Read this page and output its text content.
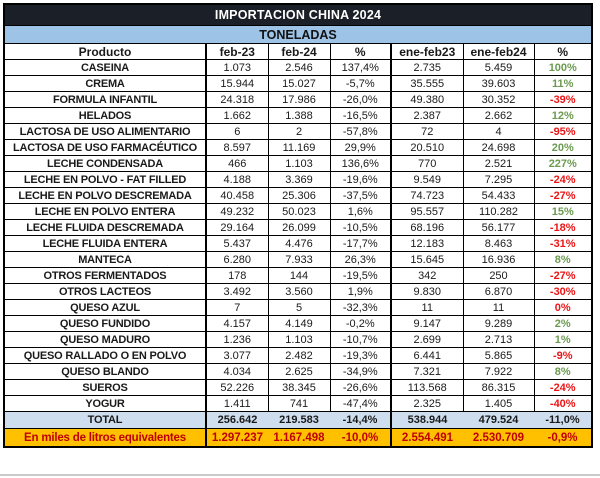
IMPORTACION CHINA 2024						
TONELADAS						
Producto	feb-23	feb-24	%	ene-feb23	ene-feb24	%
CASEINA	1.073	2.546	137,4%	2.735	5.459	100%
CREMA	15.944	15.027	-5,7%	35.555	39.603	11%
FORMULA INFANTIL	24.318	17.986	-26,0%	49.380	30.352	-39%
HELADOS	1.662	1.388	-16,5%	2.387	2.662	12%
LACTOSA DE USO ALIMENTARIO	6	2	-57,8%	72	4	-95%
LACTOSA DE USO FARMACÉUTICO	8.597	11.169	29,9%	20.510	24.698	20%
LECHE CONDENSADA	466	1.103	136,6%	770	2.521	227%
LECHE EN POLVO - FAT FILLED	4.188	3.369	-19,6%	9.549	7.295	-24%
LECHE EN POLVO DESCREMADA	40.458	25.306	-37,5%	74.723	54.433	-27%
LECHE EN POLVO ENTERA	49.232	50.023	1,6%	95.557	110.282	15%
LECHE FLUIDA DESCREMADA	29.164	26.099	-10,5%	68.196	56.177	-18%
LECHE FLUIDA ENTERA	5.437	4.476	-17,7%	12.183	8.463	-31%
MANTECA	6.280	7.933	26,3%	15.645	16.936	8%
OTROS FERMENTADOS	178	144	-19,5%	342	250	-27%
OTROS LACTEOS	3.492	3.560	1,9%	9.830	6.870	-30%
QUESO AZUL	7	5	-32,3%	11	11	0%
QUESO FUNDIDO	4.157	4.149	-0,2%	9.147	9.289	2%
QUESO MADURO	1.236	1.103	-10,7%	2.699	2.713	1%
QUESO RALLADO O EN POLVO	3.077	2.482	-19,3%	6.441	5.865	-9%
QUESO BLANDO	4.034	2.625	-34,9%	7.321	7.922	8%
SUEROS	52.226	38.345	-26,6%	113.568	86.315	-24%
YOGUR	1.411	741	-47,4%	2.325	1.405	-40%
TOTAL	256.642	219.583	-14,4%	538.944	479.524	-11,0%
En miles de litros equivalentes	1.297.237	1.167.498	-10,0%	2.554.491	2.530.709	-0,9%
